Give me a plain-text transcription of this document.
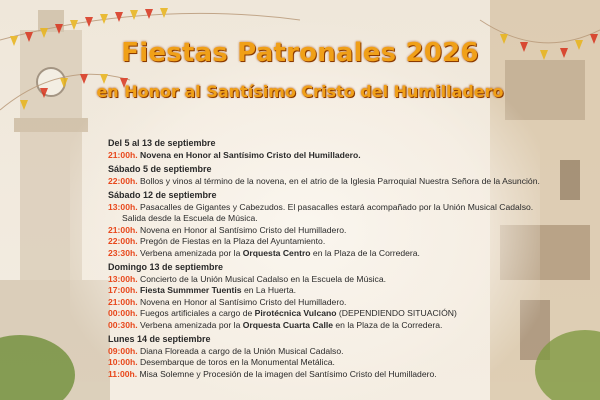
Fiestas Patronales 2026
en Honor al Santísimo Cristo del Humilladero
Del 5 al 13 de septiembre
21:00h. Novena en Honor al Santísimo Cristo del Humilladero.
Sábado 5 de septiembre
22:00h. Bollos y vinos al término de la novena, en el atrio de la Iglesia Parroquial Nuestra Señora de la Asunción.
Sábado 12 de septiembre
13:00h. Pasacalles de Gigantes y Cabezudos. El pasacalles estará acompañado por la Unión Musical Cadalso.
Salida desde la Escuela de Música.
21:00h. Novena en Honor al Santísimo Cristo del Humilladero.
22:00h. Pregón de Fiestas en la Plaza del Ayuntamiento.
23:30h. Verbena amenizada por la Orquesta Centro en la Plaza de la Corredera.
Domingo 13 de septiembre
13:00h. Concierto de la Unión Musical Cadalso en la Escuela de Música.
17:00h. Fiesta Summmer Tuentis en La Huerta.
21:00h. Novena en Honor al Santísimo Cristo del Humilladero.
00:00h. Fuegos artificiales a cargo de Pirotécnica Vulcano (DEPENDIENDO SITUACIÓN)
00:30h. Verbena amenizada por la Orquesta Cuarta Calle en la Plaza de la Corredera.
Lunes 14 de septiembre
09:00h. Diana Floreada a cargo de la Unión Musical Cadalso.
10:00h. Desembarque de toros en la Monumental Metálica.
11:00h. Misa Solemne y Procesión de la imagen del Santísimo Cristo del Humilladero.
